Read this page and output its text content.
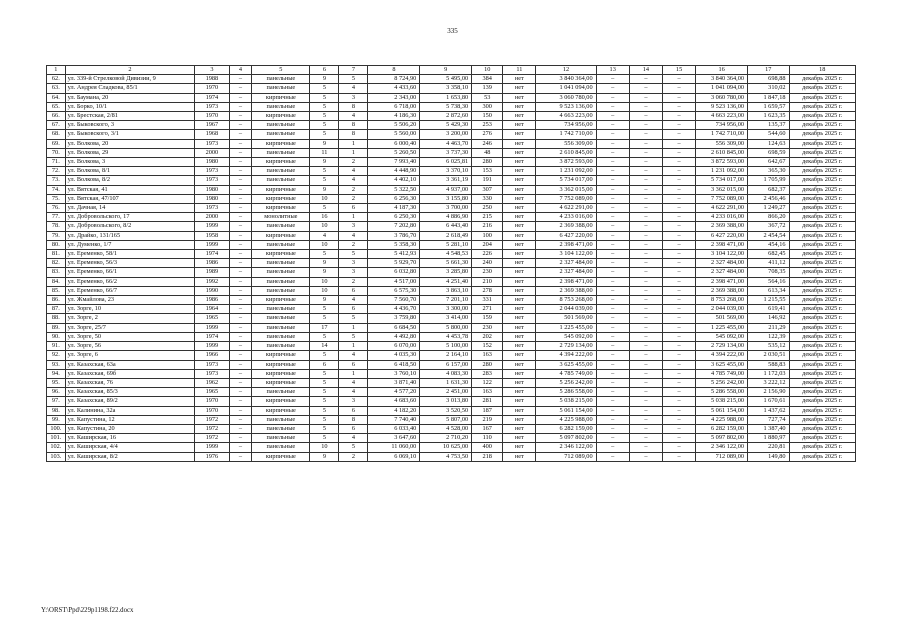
335
1	2	3	4	5	6	7	8	9	10	11	12	13	14	15	16	17	18
62.	ул. 339-й Стрелковой Дивизии, 9	1988	–	панельные	9	5	8 724,90	5 495,00	384	нет	3 840 364,00	–	–	–	3 840 364,00	698,88	декабрь 2025 г.
63.	ул. Андрея Сладкова, 85/1	1970	–	панельные	5	4	4 433,60	3 358,10	139	нет	1 041 094,00	–	–	–	1 041 094,00	310,02	декабрь 2025 г.
64.	ул. Баумана, 20	1974	–	кирпичные	5	3	2 343,00	1 653,80	53	нет	3 060 780,00	–	–	–	3 060 780,00	1 847,18	декабрь 2025 г.
65.	ул. Борко, 10/1	1973	–	панельные	5	8	6 718,00	5 738,30	300	нет	9 523 136,00	–	–	–	9 523 136,00	1 659,57	декабрь 2025 г.
66.	ул. Брестская, 2/81	1970	–	кирпичные	5	4	4 186,30	2 872,60	150	нет	4 663 223,00	–	–	–	4 663 223,00	1 623,35	декабрь 2025 г.
67.	ул. Быковского, 3	1967	–	панельные	5	8	5 506,20	5 429,30	253	нет	734 956,00	–	–	–	734 956,00	135,37	декабрь 2025 г.
68.	ул. Быковского, 3/1	1968	–	панельные	5	8	5 560,00	3 200,00	276	нет	1 742 710,00	–	–	–	1 742 710,00	544,60	декабрь 2025 г.
69.	ул. Волкова, 20	1973	–	кирпичные	9	1	6 000,40	4 463,70	246	нет	556 309,00	–	–	–	556 309,00	124,63	декабрь 2025 г.
70.	ул. Волкова, 29	2000	–	панельные	11	1	5 260,50	3 737,30	48	нет	2 610 845,00	–	–	–	2 610 845,00	698,59	декабрь 2025 г.
71.	ул. Волкова, 3	1980	–	кирпичные	9	2	7 993,40	6 025,81	280	нет	3 872 593,00	–	–	–	3 872 593,00	642,67	декабрь 2025 г.
72.	ул. Волкова, 8/1	1973	–	панельные	5	4	4 448,90	3 370,10	153	нет	1 231 092,00	–	–	–	1 231 092,00	365,30	декабрь 2025 г.
73.	ул. Волкова, 8/2	1973	–	панельные	5	4	4 402,10	3 361,19	191	нет	5 734 017,00	–	–	–	5 734 017,00	1 705,99	декабрь 2025 г.
74.	ул. Вятская, 41	1980	–	кирпичные	9	2	5 322,50	4 937,00	307	нет	3 362 015,00	–	–	–	3 362 015,00	682,37	декабрь 2025 г.
75.	ул. Вятская, 47/107	1980	–	кирпичные	10	2	6 256,30	3 155,80	330	нет	7 752 089,00	–	–	–	7 752 089,00	2 456,46	декабрь 2025 г.
76.	ул. Дачная, 14	1973	–	кирпичные	5	6	4 187,30	3 700,00	250	нет	4 622 291,00	–	–	–	4 622 291,00	1 249,27	декабрь 2025 г.
77.	ул. Добровольского, 17	2000	–	монолитные	16	1	6 250,30	4 886,90	215	нет	4 233 016,00	–	–	–	4 233 016,00	866,20	декабрь 2025 г.
78.	ул. Добровольского, 8/2	1999	–	панельные	10	3	7 202,80	6 443,40	216	нет	2 369 388,00	–	–	–	2 369 388,00	367,72	декабрь 2025 г.
79.	ул. Драйко, 131/165	1958	–	кирпичные	4	4	3 786,70	2 618,49	100	нет	6 427 220,00	–	–	–	6 427 220,00	2 454,54	декабрь 2025 г.
80.	ул. Думенко, 1/7	1999	–	панельные	10	2	5 358,30	5 281,10	204	нет	2 398 471,00	–	–	–	2 398 471,00	454,16	декабрь 2025 г.
81.	ул. Еременко, 58/1	1974	–	кирпичные	5	5	5 412,93	4 548,53	226	нет	3 104 122,00	–	–	–	3 104 122,00	682,45	декабрь 2025 г.
82.	ул. Еременко, 56/3	1986	–	панельные	9	3	5 929,70	5 661,30	240	нет	2 327 484,00	–	–	–	2 327 484,00	411,12	декабрь 2025 г.
83.	ул. Еременко, 66/1	1989	–	панельные	9	3	6 032,80	3 285,80	230	нет	2 327 484,00	–	–	–	2 327 484,00	708,35	декабрь 2025 г.
84.	ул. Еременко, 66/2	1992	–	панельные	10	2	4 517,00	4 251,40	210	нет	2 398 471,00	–	–	–	2 398 471,00	564,16	декабрь 2025 г.
85.	ул. Еременко, 66/7	1990	–	панельные	10	6	6 575,30	3 863,10	278	нет	2 369 388,00	–	–	–	2 369 388,00	613,34	декабрь 2025 г.
86.	ул. Жмайлова, 23	1986	–	кирпичные	9	4	7 560,70	7 201,10	331	нет	8 753 268,00	–	–	–	8 753 268,00	1 215,55	декабрь 2025 г.
87.	ул. Зорге, 10	1964	–	панельные	5	6	4 436,70	3 300,00	271	нет	2 044 039,00	–	–	–	2 044 039,00	619,41	декабрь 2025 г.
88.	ул. Зорге, 2	1965	–	панельные	5	5	3 759,80	3 414,00	159	нет	501 569,00	–	–	–	501 569,00	146,92	декабрь 2025 г.
89.	ул. Зорге, 25/7	1999	–	панельные	17	1	6 684,50	5 800,00	230	нет	1 225 455,00	–	–	–	1 225 455,00	211,29	декабрь 2025 г.
90.	ул. Зорге, 50	1974	–	панельные	5	5	4 492,80	4 453,78	202	нет	545 092,00	–	–	–	545 092,00	122,39	декабрь 2025 г.
91.	ул. Зорге, 56	1999	–	панельные	14	1	6 070,00	5 100,00	152	нет	2 729 134,00	–	–	–	2 729 134,00	535,12	декабрь 2025 г.
92.	ул. Зорге, 6	1966	–	кирпичные	5	4	4 035,30	2 164,10	163	нет	4 394 222,00	–	–	–	4 394 222,00	2 030,51	декабрь 2025 г.
93.	ул. Казахская, 63а	1973	–	кирпичные	6	6	6 418,50	6 157,00	280	нет	3 625 455,00	–	–	–	3 625 455,00	588,83	декабрь 2025 г.
94.	ул. Казахская, 69б	1973	–	кирпичные	5	1	3 760,10	4 083,30	283	нет	4 785 749,00	–	–	–	4 785 749,00	1 172,03	декабрь 2025 г.
95.	ул. Казахская, 76	1962	–	кирпичные	5	4	3 871,40	1 631,30	122	нет	5 256 242,00	–	–	–	5 256 242,00	3 222,12	декабрь 2025 г.
96.	ул. Казахская, 85/3	1965	–	панельные	5	4	4 577,20	2 451,00	163	нет	5 286 558,00	–	–	–	5 286 558,00	2 156,90	декабрь 2025 г.
97.	ул. Казахская, 89/2	1970	–	кирпичные	5	3	4 683,60	3 013,80	281	нет	5 038 215,00	–	–	–	5 038 215,00	1 670,61	декабрь 2025 г.
98.	ул. Калинина, 32а	1970	–	кирпичные	5	6	4 182,20	3 520,50	187	нет	5 061 154,00	–	–	–	5 061 154,00	1 437,62	декабрь 2025 г.
99.	ул. Капустина, 12	1972	–	панельные	5	8	7 740,40	5 807,00	219	нет	4 225 988,00	–	–	–	4 225 988,00	727,74	декабрь 2025 г.
100.	ул. Капустина, 20	1972	–	панельные	5	6	6 033,40	4 528,00	167	нет	6 282 159,00	–	–	–	6 282 159,00	1 387,40	декабрь 2025 г.
101.	ул. Каширская, 16	1972	–	панельные	5	4	3 647,60	2 710,20	110	нет	5 097 802,00	–	–	–	5 097 802,00	1 880,97	декабрь 2025 г.
102.	ул. Каширская, 4/4	1999	–	панельные	10	5	11 060,00	10 625,00	400	нет	2 346 122,00	–	–	–	2 346 122,00	220,81	декабрь 2025 г.
103.	ул. Каширская, 8/2	1976	–	кирпичные	9	2	6 069,10	4 753,50	218	нет	712 089,00	–	–	–	712 089,00	149,80	декабрь 2025 г.
Y:\ORST\Ppd\229p1198.f22.docx
